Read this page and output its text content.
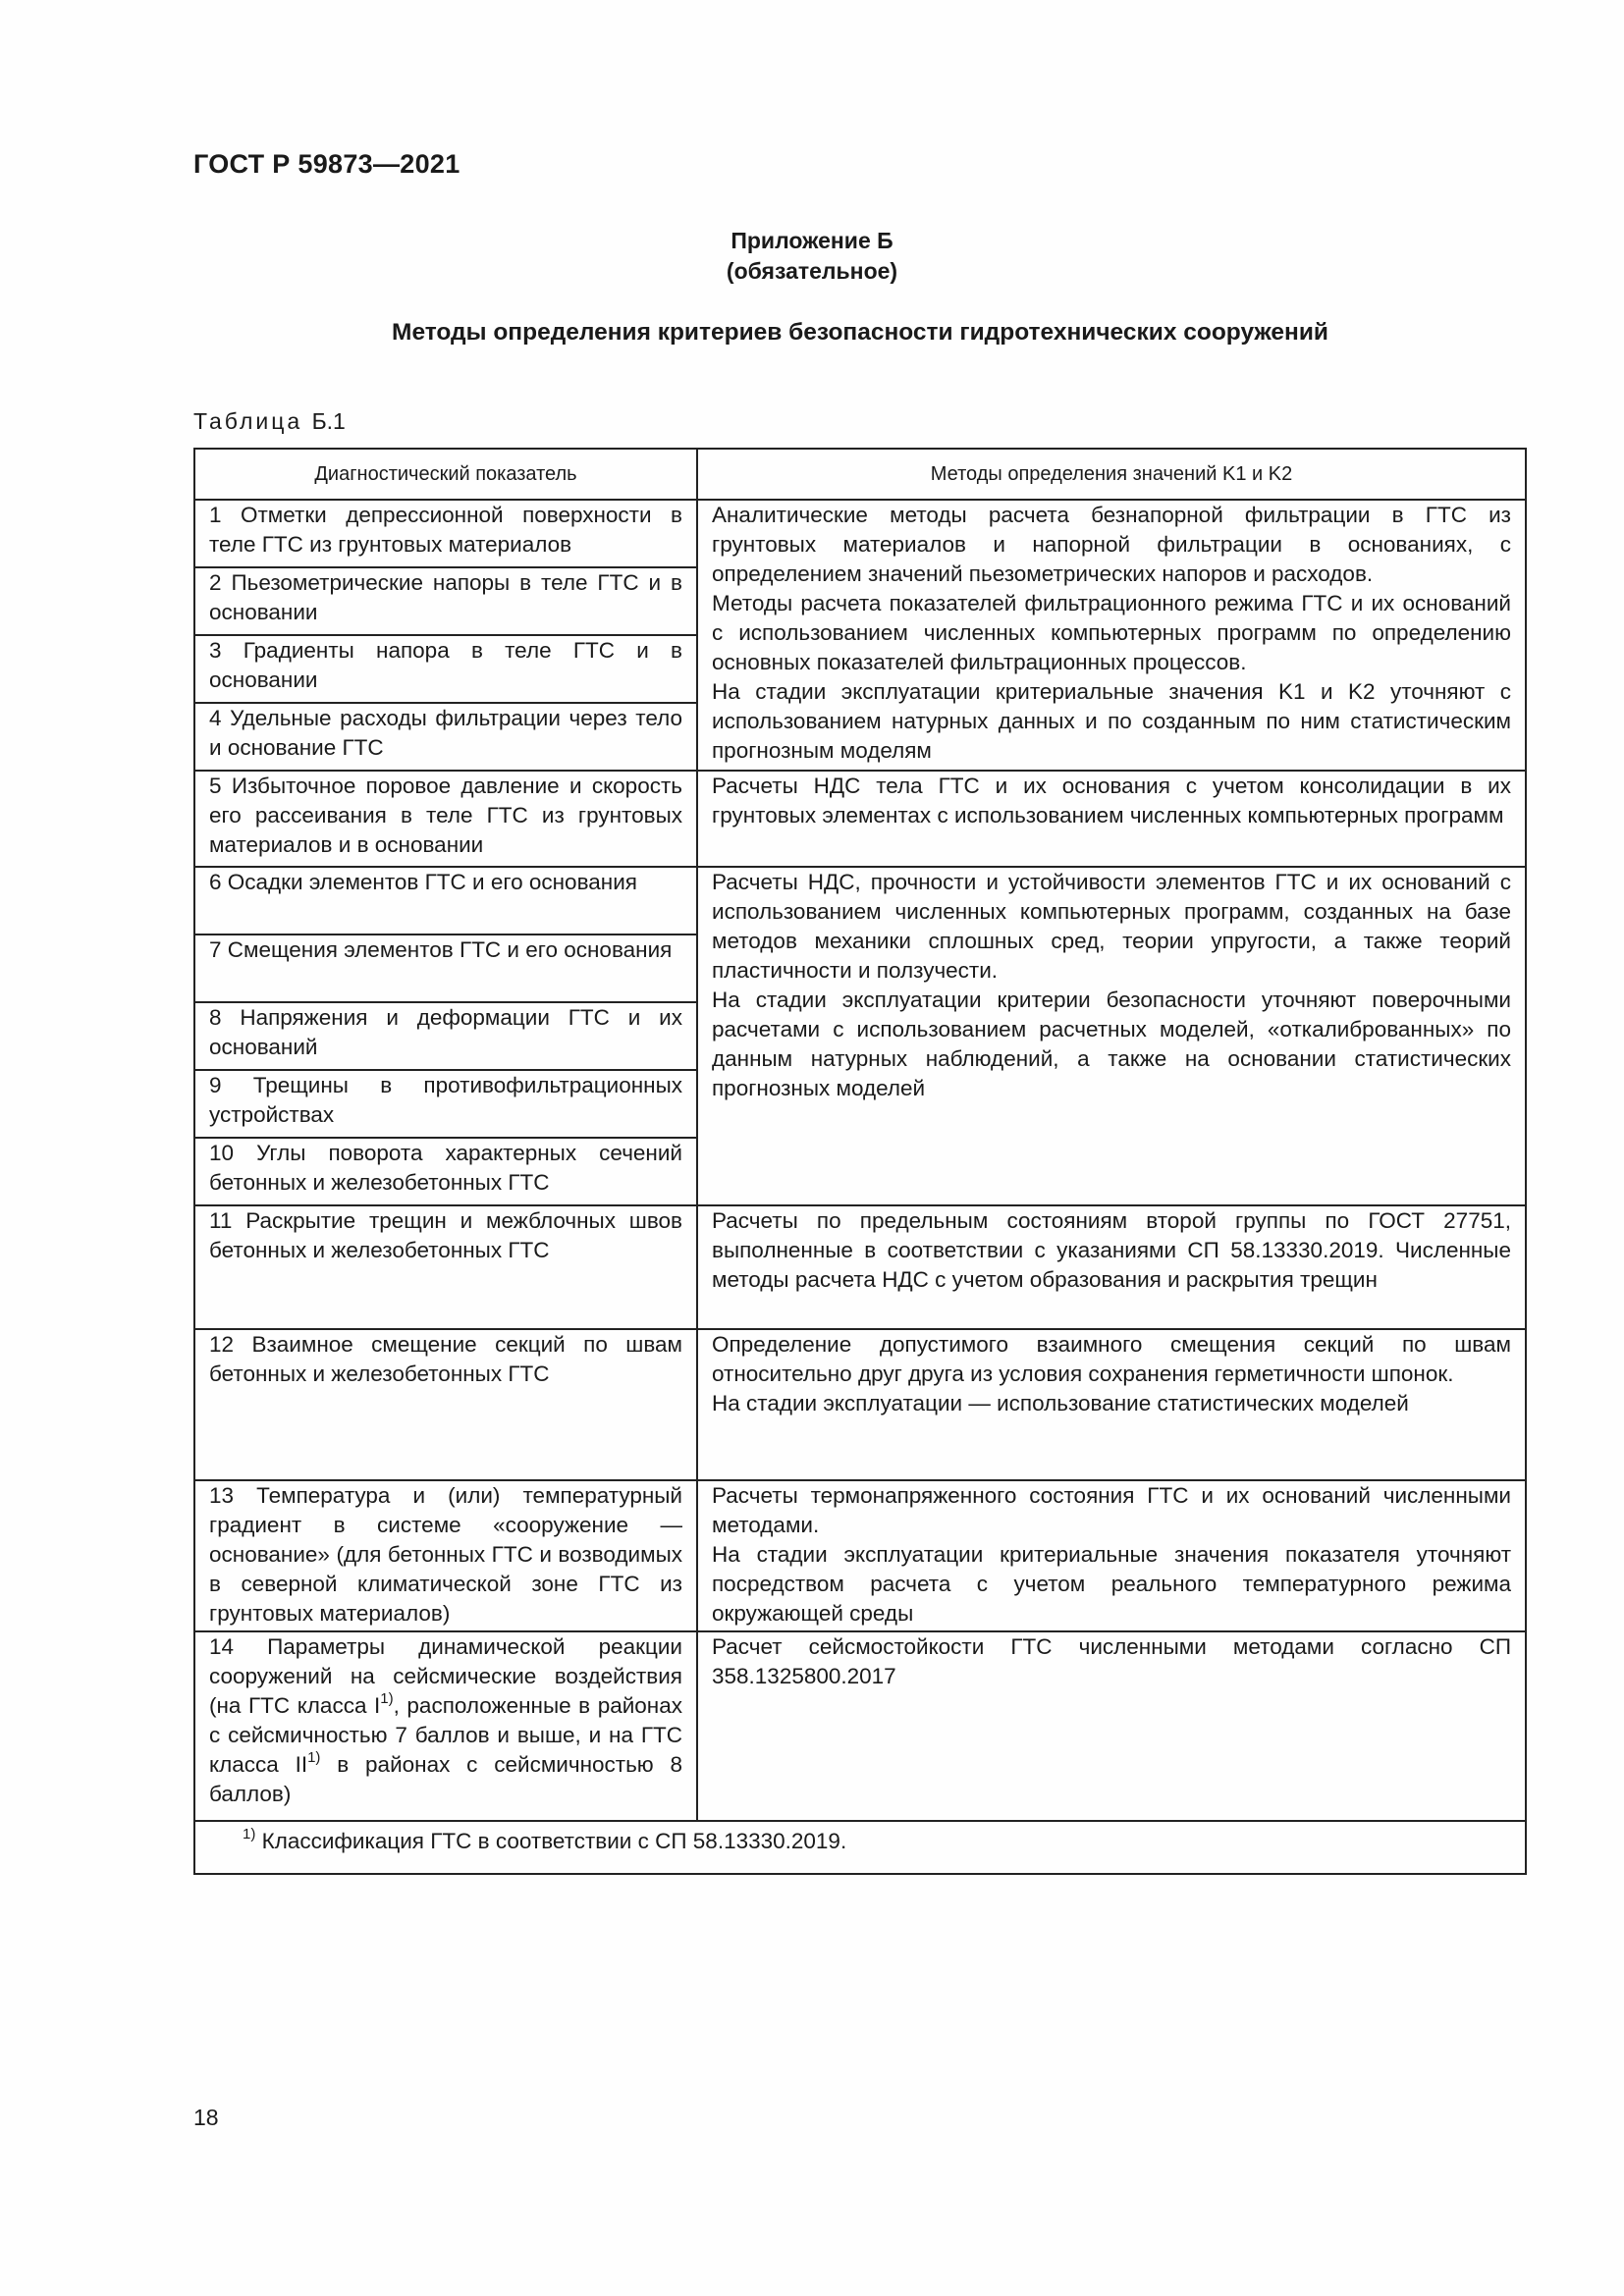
ГОСТ Р 59873—2021
Приложение Б
(обязательное)
Методы определения критериев безопасности гидротехнических сооружений
Таблица Б.1
Диагностический показатель	Методы определения значений K1 и K2
1 Отметки депрессионной поверхности в теле ГТС из грунтовых материалов	Аналитические методы расчета безнапорной фильтрации в ГТС из грунтовых материалов и напорной фильтрации в основаниях, с определением значений пьезометрических напоров и расходов.

Методы расчета показателей фильтрационного режима ГТС и их оснований с использованием численных компьютерных программ по определению основных показателей фильтрационных процессов.

На стадии эксплуатации критериальные значения K1 и K2 уточняют с использованием натурных данных и по созданным по ним статистическим прогнозным моделям

2 Пьезометрические напоры в теле ГТС и в основании	
3 Градиенты напора в теле ГТС и в основании	
4 Удельные расходы фильтрации через тело и основание ГТС	
5 Избыточное поровое давление и скорость его рассеивания в теле ГТС из грунтовых материалов и в основании	Расчеты НДС тела ГТС и их основания с учетом консолидации в их грунтовых элементах с использованием численных компьютерных программ

6 Осадки элементов ГТС и его основания	Расчеты НДС, прочности и устойчивости элементов ГТС и их оснований с использованием численных компьютерных программ, созданных на базе методов механики сплошных сред, теории упругости, а также теорий пластичности и ползучести.

На стадии эксплуатации критерии безопасности уточняют поверочными расчетами с использованием расчетных моделей, «откалиброванных» по данным натурных наблюдений, а также на основании статистических прогнозных моделей

7 Смещения элементов ГТС и его основания	
8 Напряжения и деформации ГТС и их оснований	
9 Трещины в противофильтрационных устройствах	
10 Углы поворота характерных сечений бетонных и железобетонных ГТС	
11 Раскрытие трещин и межблочных швов бетонных и железобетонных ГТС	Расчеты по предельным состояниям второй группы по ГОСТ 27751, выполненные в соответствии с указаниями СП 58.13330.2019. Численные методы расчета НДС с учетом образования и раскрытия трещин

12 Взаимное смещение секций по швам бетонных и железобетонных ГТС	Определение допустимого взаимного смещения секций по швам относительно друг друга из условия сохранения герметичности шпонок.

На стадии эксплуатации — использование статистических моделей

13 Температура и (или) температурный градиент в системе «сооружение — основание» (для бетонных ГТС и возводимых в северной климатической зоне ГТС из грунтовых материалов)	Расчеты термонапряженного состояния ГТС и их оснований численными методами.

На стадии эксплуатации критериальные значения показателя уточняют посредством расчета с учетом реального температурного режима окружающей среды

14 Параметры динамической реакции сооружений на сейсмические воздействия (на ГТС класса $I^{1)}$, расположенные в районах с сейсмичностью 7 баллов и выше, и на ГТС класса II$^{1)}$ в районах с сейсмичностью 8 баллов)	Расчет сейсмостойкости ГТС численными методами согласно СП 358.1325800.2017

$^{1)}$ Классификация ГТС в соответствии с СП 58.13330.2019.	
18
